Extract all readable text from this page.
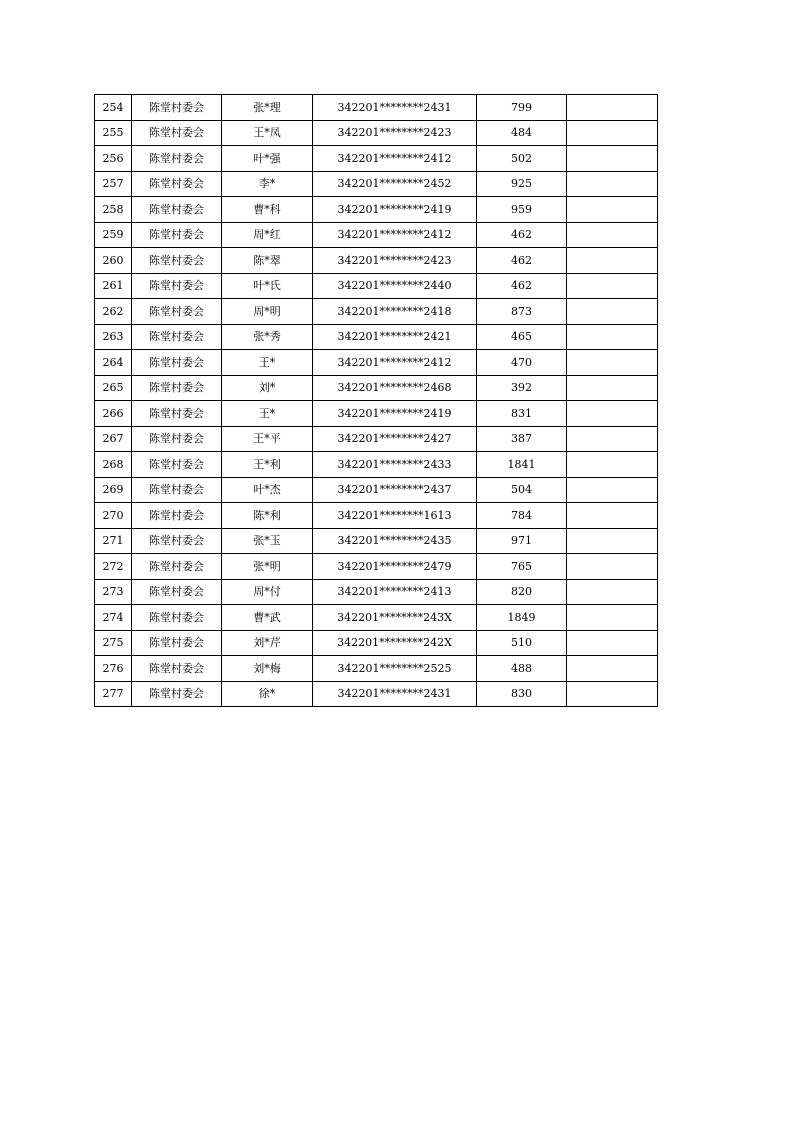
254	陈堂村委会	张*理	342201********2431	799	
255	陈堂村委会	王*凤	342201********2423	484	
256	陈堂村委会	叶*强	342201********2412	502	
257	陈堂村委会	李*	342201********2452	925	
258	陈堂村委会	曹*科	342201********2419	959	
259	陈堂村委会	周*红	342201********2412	462	
260	陈堂村委会	陈*翠	342201********2423	462	
261	陈堂村委会	叶*氏	342201********2440	462	
262	陈堂村委会	周*明	342201********2418	873	
263	陈堂村委会	张*秀	342201********2421	465	
264	陈堂村委会	王*	342201********2412	470	
265	陈堂村委会	刘*	342201********2468	392	
266	陈堂村委会	王*	342201********2419	831	
267	陈堂村委会	王*平	342201********2427	387	
268	陈堂村委会	王*利	342201********2433	1841	
269	陈堂村委会	叶*杰	342201********2437	504	
270	陈堂村委会	陈*利	342201********1613	784	
271	陈堂村委会	张*玉	342201********2435	971	
272	陈堂村委会	张*明	342201********2479	765	
273	陈堂村委会	周*付	342201********2413	820	
274	陈堂村委会	曹*武	342201********243X	1849	
275	陈堂村委会	刘*芹	342201********242X	510	
276	陈堂村委会	刘*梅	342201********2525	488	
277	陈堂村委会	徐*	342201********2431	830	
